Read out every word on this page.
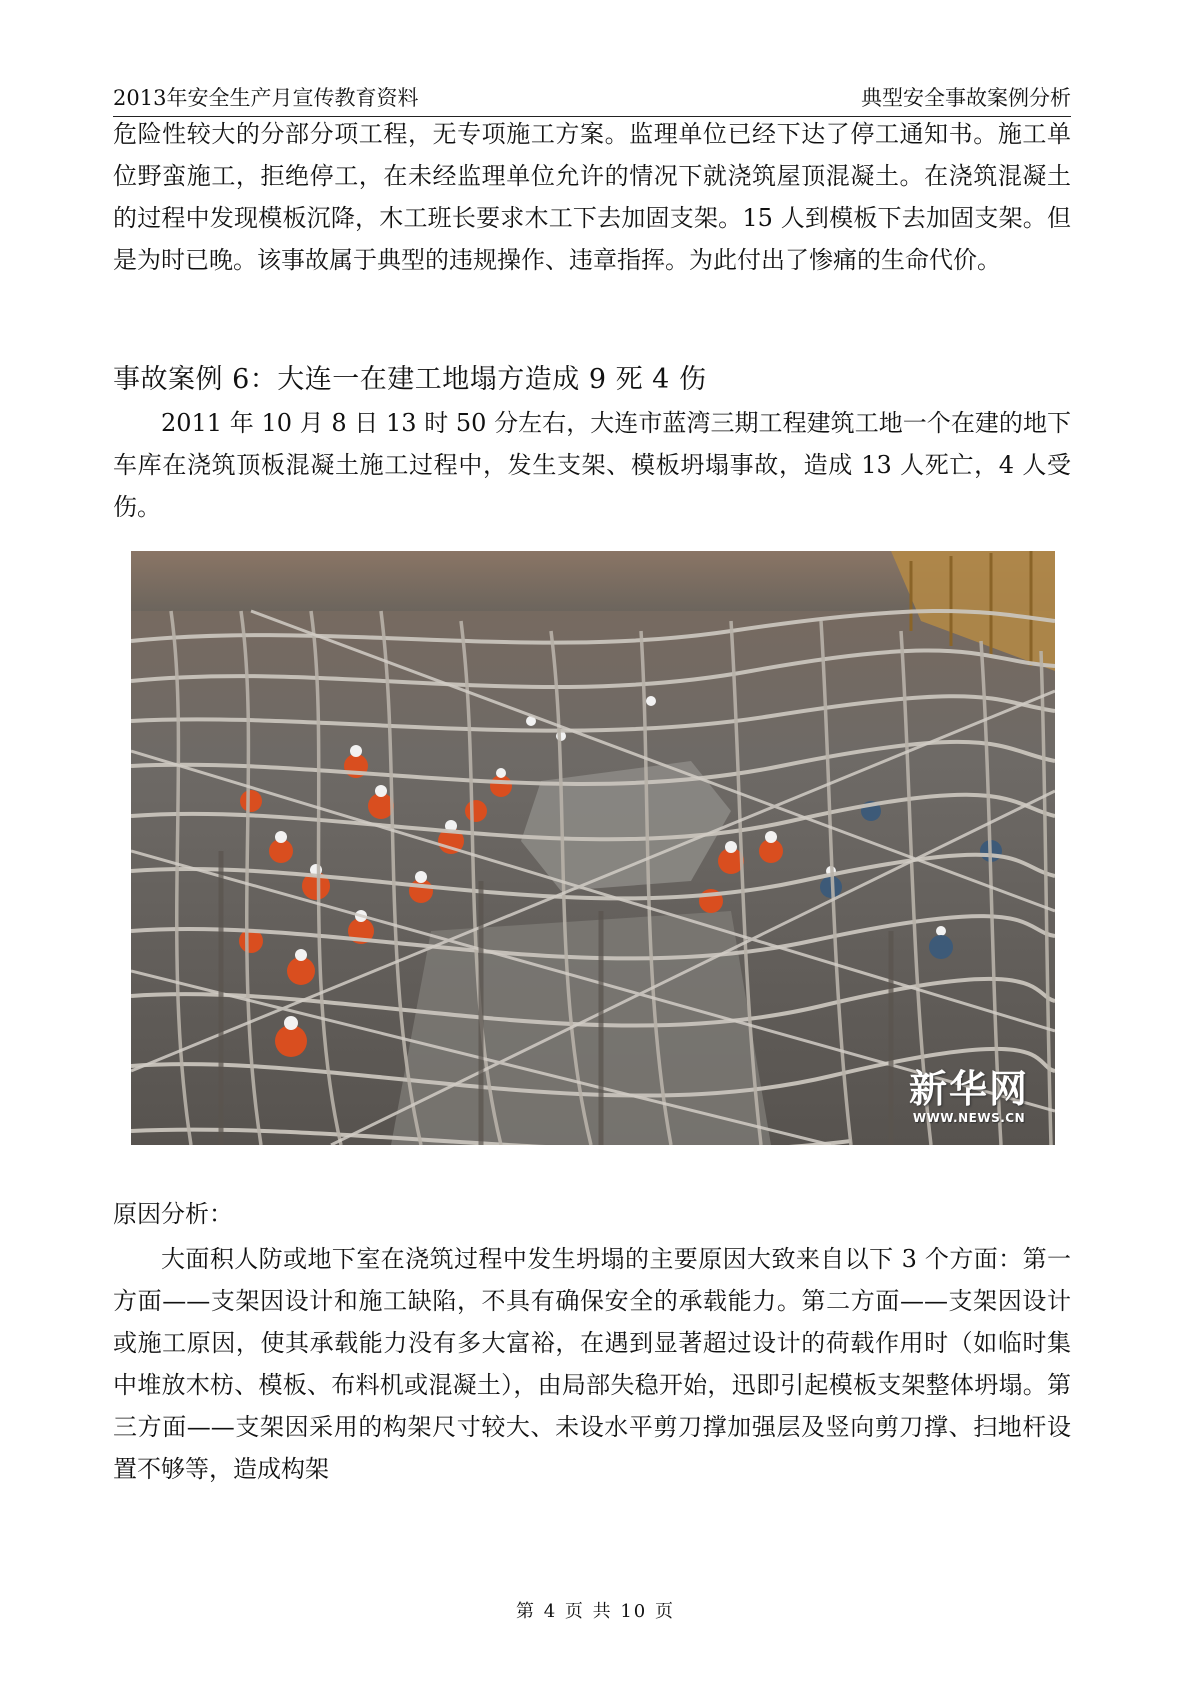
2013年安全生产月宣传教育资料	典型安全事故案例分析

危险性较大的分部分项工程，无专项施工方案。监理单位已经下达了停工通知书。施工单位野蛮施工，拒绝停工，在未经监理单位允许的情况下就浇筑屋顶混凝土。在浇筑混凝土的过程中发现模板沉降，木工班长要求木工下去加固支架。15 人到模板下去加固支架。但是为时已晚。该事故属于典型的违规操作、违章指挥。为此付出了惨痛的生命代价。

事故案例 6：大连一在建工地塌方造成 9 死 4 伤

2011 年 10 月 8 日 13 时 50 分左右，大连市蓝湾三期工程建筑工地一个在建的地下车库在浇筑顶板混凝土施工过程中，发生支架、模板坍塌事故，造成 13 人死亡，4 人受伤。

新华网
WWW.NEWS.CN

原因分析：

大面积人防或地下室在浇筑过程中发生坍塌的主要原因大致来自以下 3 个方面：第一方面——支架因设计和施工缺陷，不具有确保安全的承载能力。第二方面——支架因设计或施工原因，使其承载能力没有多大富裕，在遇到显著超过设计的荷载作用时（如临时集中堆放木枋、模板、布料机或混凝土），由局部失稳开始，迅即引起模板支架整体坍塌。第三方面——支架因采用的构架尺寸较大、未设水平剪刀撑加强层及竖向剪刀撑、扫地杆设置不够等，造成构架

第 4 页 共 10 页
